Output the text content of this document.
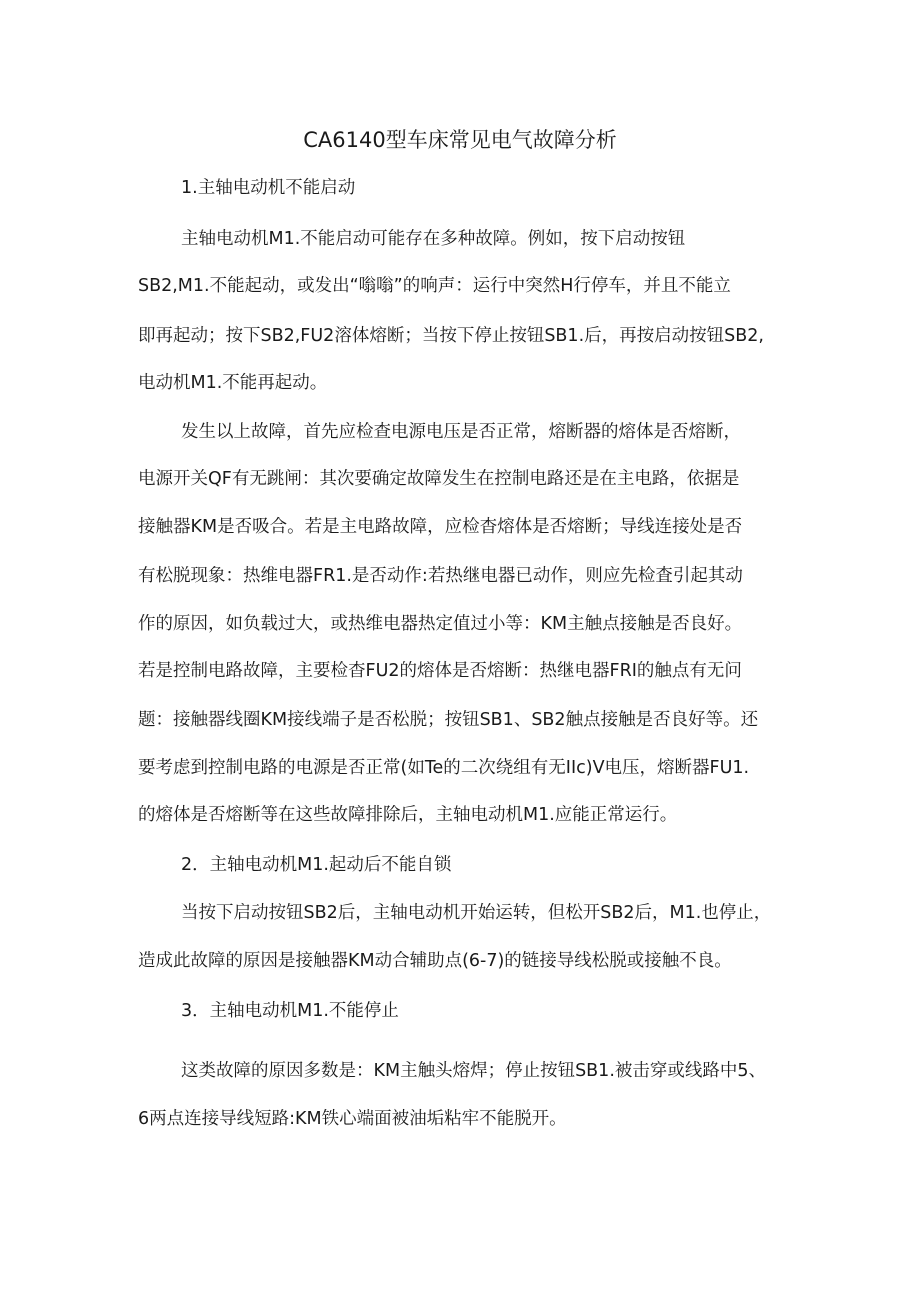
CA6140型车床常见电气故障分析
1.主轴电动机不能启动
主轴电动机M1.不能启动可能存在多种故障。例如，按下启动按钮
SB2,M1.不能起动，或发出“嗡嗡”的响声：运行中突然H行停车，并且不能立
即再起动；按下SB2,FU2溶体熔断；当按下停止按钮SB1.后，再按启动按钮SB2,
电动机M1.不能再起动。
发生以上故障，首先应检查电源电压是否正常，熔断器的熔体是否熔断，
电源开关QF有无跳闸：其次要确定故障发生在控制电路还是在主电路，依据是
接触器KM是否吸合。若是主电路故障，应检杳熔体是否熔断；导线连接处是否
有松脱现象：热维电器FR1.是否动作:若热继电器已动作，则应先检査引起其动
作的原因，如负载过大，或热维电器热定值过小等：KM主触点接触是否良好。
若是控制电路故障，主要检杳FU2的熔体是否熔断：热继电器FRI的触点有无问
题：接触器线圈KM接线端子是否松脱；按钮SB1、SB2触点接触是否良好等。还
要考虑到控制电路的电源是否正常(如Te的二次绕组有无IIc)V电压，熔断器FU1.
的熔体是否熔断等在这些故障排除后，主轴电动机M1.应能正常运行。
2．主轴电动机M1.起动后不能自锁
当按下启动按钮SB2后，主轴电动机开始运转，但松开SB2后，M1.也停止，
造成此故障的原因是接触器KM动合辅助点(6-7)的链接导线松脱或接触不良。
3．主轴电动机M1.不能停止
这类故障的原因多数是：KM主触头熔焊；停止按钮SB1.被击穿或线路中5、
6两点连接导线短路:KM铁心端面被油垢粘牢不能脱开。
